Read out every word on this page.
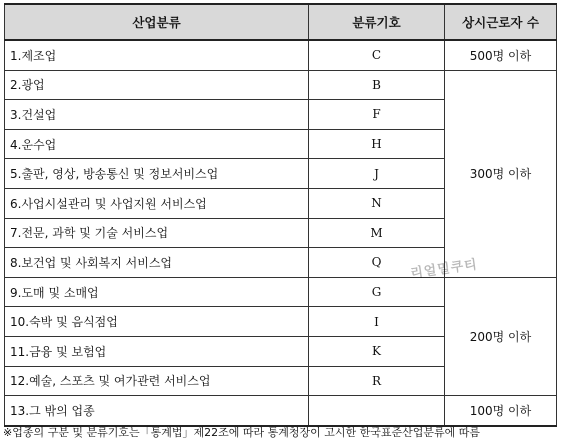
산업분류	분류기호	상시근로자 수
1.제조업	C	500명 이하
2.광업	B	300명 이하
3.건설업	F	
4.운수업	H	
5.출판, 영상, 방송통신 및 정보서비스업	J	
6.사업시설관리 및 사업지원 서비스업	N	
7.전문, 과학 및 기술 서비스업	M	
8.보건업 및 사회복지 서비스업	Q	
9.도매 및 소매업	G	200명 이하
10.숙박 및 음식점업	I	
11.금융 및 보험업	K	
12.예술, 스포츠 및 여가관련 서비스업	R	
13.그 밖의 업종		100명 이하
리얼밀쿠티
※업종의 구분 및 분류기호는「통계법」제22조에 따라 통계청장이 고시한 한국표준산업분류에 따름
